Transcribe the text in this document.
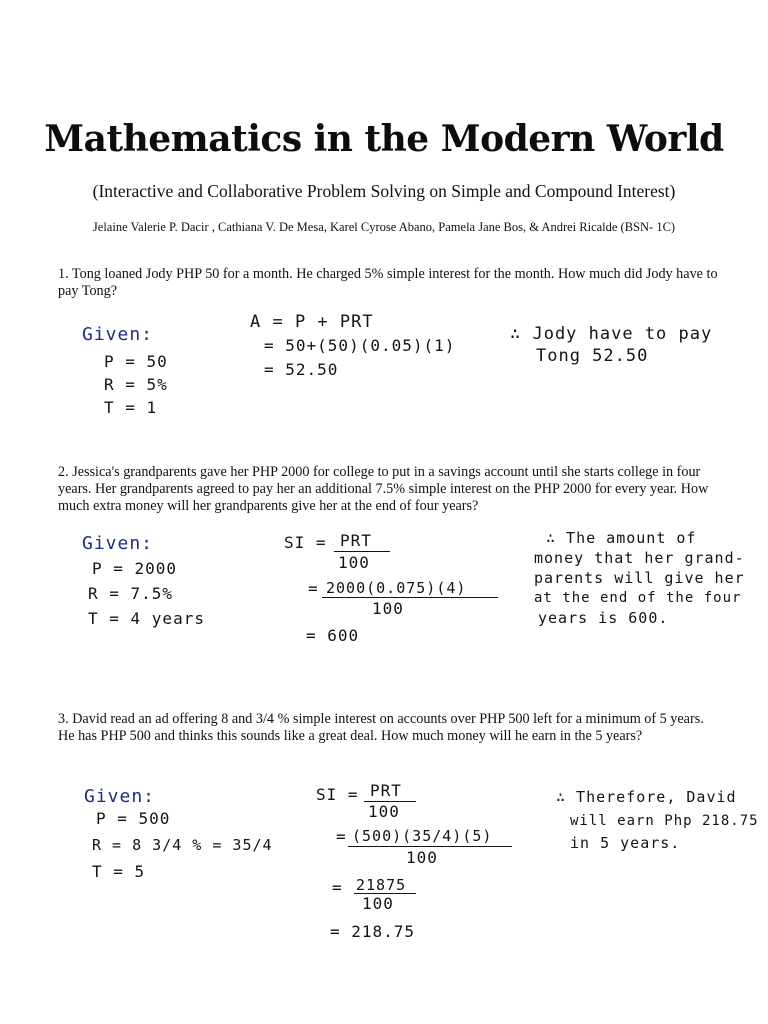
Mathematics in the Modern World
(Interactive and Collaborative Problem Solving on Simple and Compound Interest)
Jelaine Valerie P. Dacir , Cathiana V. De Mesa, Karel Cyrose Abano, Pamela Jane Bos, & Andrei Ricalde (BSN- 1C)
1. Tong loaned Jody PHP 50 for a month. He charged 5% simple interest for the month. How much did Jody have to pay Tong?
Given:
P = 50
R = 5%
T = 1
A = P + PRT
= 50+(50)(0.05)(1)
= 52.50
∴ Jody have to pay
Tong 52.50
2. Jessica's grandparents gave her PHP 2000 for college to put in a savings account until she starts college in four years. Her grandparents agreed to pay her an additional 7.5% simple interest on the PHP 2000 for every year. How much extra money will her grandparents give her at the end of four years?
Given:
P = 2000
R = 7.5%
T = 4 years
SI = PRT
100
= 2000(0.075)(4)
100
= 600
∴ The amount of
money that her grand-
parents will give her
at the end of the four
years is 600.
3. David read an ad offering 8 and 3/4 % simple interest on accounts over PHP 500 left for a minimum of 5 years. He has PHP 500 and thinks this sounds like a great deal. How much money will he earn in the 5 years?
Given:
P = 500
R = 8 3/4 % = 35/4
T = 5
SI = PRT
100
= (500)(35/4)(5)
100
= 21875
100
= 218.75
∴ Therefore, David
will earn Php 218.75
in 5 years.
